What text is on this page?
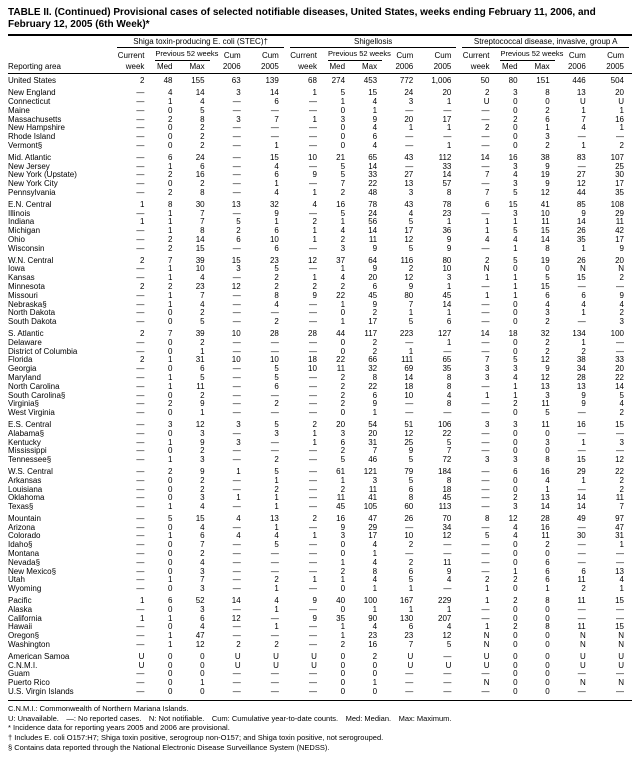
TABLE II. (Continued) Provisional cases of selected notifiable diseases, United States, weeks ending February 11, 2006, and February 12, 2005 (6th Week)*
Reporting area	Shiga toxin-producing E. coli (STEC)†					Shigellosis					Streptococcal disease, invasive, group A				

	Current	Previous 52 weeks		Cum	Cum	Current	Previous 52 weeks		Cum	Cum	Current	Previous 52 weeks		Cum	Cum
	week	Med	Max	2006	2005	week	Med	Max	2006	2005	week	Med	Max	2006	2005
United States	2	48	155	63	139	68	274	453	772	1,006	50	80	151	446	504

New England	—	4	14	3	14	1	5	15	24	20	2	3	8	13	20
Connecticut	—	1	4	—	6	—	1	4	3	1	U	0	0	U	U
Maine	—	0	5	—	—	—	0	1	—	—	—	0	2	1	1
Massachusetts	—	2	8	3	7	1	3	9	20	17	—	2	6	7	16
New Hampshire	—	0	2	—	—	—	0	4	1	1	2	0	1	4	1
Rhode Island	—	0	2	—	—	—	0	6	—	—	—	0	3	—	—
Vermont§	—	0	2	—	1	—	0	4	—	1	—	0	2	1	2

Mid. Atlantic	—	6	24	—	15	10	21	65	43	112	14	16	38	83	107
New Jersey	—	1	6	—	4	—	5	14	—	33	—	3	9	—	25
New York (Upstate)	—	2	16	—	6	9	5	33	27	14	7	4	19	27	30
New York City	—	0	2	—	1	—	7	22	13	57	—	3	9	12	17
Pennsylvania	—	2	8	—	4	1	2	48	3	8	7	5	12	44	35

E.N. Central	1	8	30	13	32	4	16	78	43	78	6	15	41	85	108
Illinois	—	1	7	—	9	—	5	24	4	23	—	3	10	9	29
Indiana	1	1	7	5	1	2	1	56	5	1	1	1	11	14	11
Michigan	—	1	8	2	6	1	4	14	17	36	1	5	15	26	42
Ohio	—	2	14	6	10	1	2	11	12	9	4	4	14	35	17
Wisconsin	—	2	15	—	6	—	3	9	5	9	—	1	8	1	9

W.N. Central	2	7	39	15	23	12	37	64	116	80	2	5	19	26	20
Iowa	—	1	10	3	5	—	1	9	2	10	N	0	0	N	N
Kansas	—	1	4	—	2	1	4	20	12	3	1	1	5	15	2
Minnesota	2	2	23	12	2	2	2	6	9	1	—	1	15	—	—
Missouri	—	1	7	—	8	9	22	45	80	45	1	1	6	6	9
Nebraska§	—	1	4	—	4	—	1	9	7	14	—	0	4	4	4
North Dakota	—	0	2	—	—	—	0	2	1	1	—	0	3	1	2
South Dakota	—	0	5	—	2	—	1	17	5	6	—	0	2	—	3

S. Atlantic	2	7	39	10	28	28	44	117	223	127	14	18	32	134	100
Delaware	—	0	2	—	—	—	0	2	—	1	—	0	2	1	—
District of Columbia	—	0	1	—	—	—	0	2	1	—	—	0	2	2	—
Florida	2	1	31	10	10	18	22	66	111	65	7	5	12	38	33
Georgia	—	0	6	—	5	10	11	32	69	35	3	3	9	34	20
Maryland	—	1	5	—	5	—	2	8	14	8	3	4	12	28	22
North Carolina	—	1	11	—	6	—	2	22	18	8	—	1	13	13	14
South Carolina§	—	0	2	—	—	—	2	6	10	4	1	1	3	9	5
Virginia§	—	2	9	—	2	—	2	9	—	8	—	2	11	9	4
West Virginia	—	0	1	—	—	—	0	1	—	—	—	0	5	—	2

E.S. Central	—	3	12	3	5	2	20	54	51	106	3	3	11	16	15
Alabama§	—	0	3	—	3	1	3	20	12	22	—	0	0	—	—
Kentucky	—	1	9	3	—	1	6	31	25	5	—	0	3	1	3
Mississippi	—	0	2	—	—	—	2	7	9	7	—	0	0	—	—
Tennessee§	—	1	3	—	2	—	5	46	5	72	3	3	8	15	12

W.S. Central	—	2	9	1	5	—	61	121	79	184	—	6	16	29	22
Arkansas	—	0	2	—	1	—	1	3	5	8	—	0	4	1	2
Louisiana	—	0	2	—	2	—	2	11	6	18	—	0	1	—	2
Oklahoma	—	0	3	1	1	—	11	41	8	45	—	2	13	14	11
Texas§	—	1	4	—	1	—	45	105	60	113	—	3	14	14	7

Mountain	—	5	15	4	13	2	16	47	26	70	8	12	28	49	97
Arizona	—	0	4	—	1	—	9	29	—	34	—	4	16	—	47
Colorado	—	1	6	4	4	1	3	17	10	12	5	4	11	30	31
Idaho§	—	0	7	—	5	—	0	4	2	—	—	0	2	—	1
Montana	—	0	2	—	—	—	0	1	—	—	—	0	0	—	—
Nevada§	—	0	4	—	—	—	1	4	2	11	—	0	6	—	—
New Mexico§	—	0	3	—	—	—	2	8	6	9	—	1	6	6	13
Utah	—	1	7	—	2	1	1	4	5	4	2	2	6	11	4
Wyoming	—	0	3	—	1	—	0	1	1	—	1	0	1	2	1

Pacific	1	6	52	14	4	9	40	100	167	229	1	2	8	11	15
Alaska	—	0	3	—	1	—	0	1	1	1	—	0	0	—	—
California	1	1	6	12	—	9	35	90	130	207	—	0	0	—	—
Hawaii	—	0	4	—	1	—	1	4	6	4	1	2	8	11	15
Oregon§	—	1	47	—	—	—	1	23	23	12	N	0	0	N	N
Washington	—	1	12	2	2	—	2	16	7	5	N	0	0	N	N

American Samoa	U	0	0	U	U	U	0	2	U	—	U	0	0	U	U
C.N.M.I.	U	0	0	U	U	U	0	0	U	U	U	0	0	U	U
Guam	—	0	0	—	—	—	0	0	—	—	—	0	0	—	—
Puerto Rico	—	0	1	—	—	—	0	1	—	—	N	0	0	N	N
U.S. Virgin Islands	—	0	0	—	—	—	0	0	—	—	—	0	0	—	—
C.N.M.I.: Commonwealth of Northern Mariana Islands.
U: Unavailable. —: No reported cases. N: Not notifiable. Cum: Cumulative year-to-date counts. Med: Median. Max: Maximum.
* Incidence data for reporting years 2005 and 2006 are provisional.
† Includes E. coli O157:H7; Shiga toxin positive, serogroup non-O157; and Shiga toxin positive, not serogrouped.
§ Contains data reported through the National Electronic Disease Surveillance System (NEDSS).
